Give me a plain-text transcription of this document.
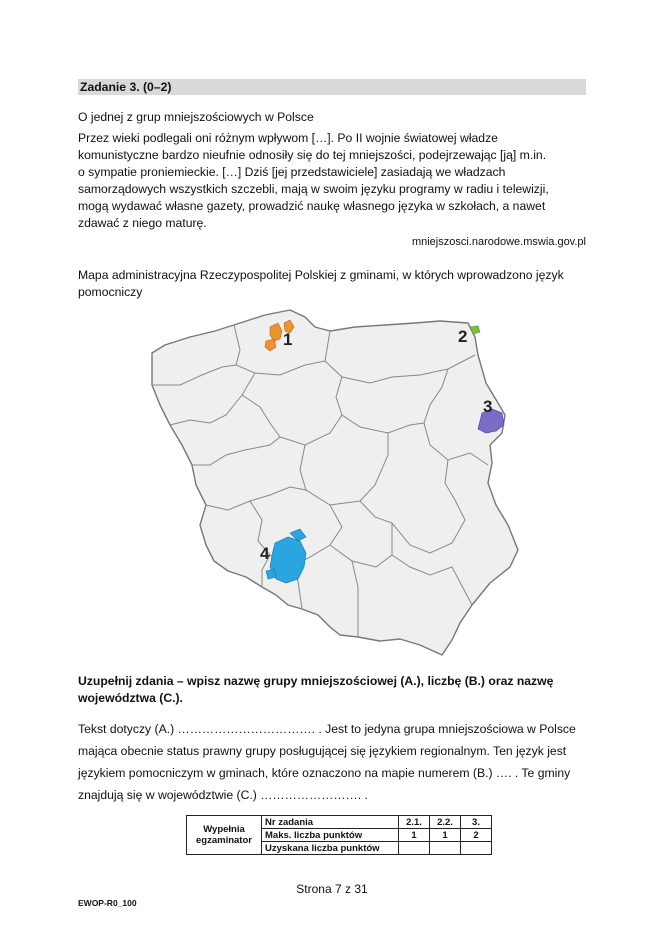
Zadanie 3. (0–2)
O jednej z grup mniejszościowych w Polsce

Przez wieki podlegali oni różnym wpływom […]. Po II wojnie światowej władze

komunistyczne bardzo nieufnie odnosiły się do tej mniejszości, podejrzewając [ją] m.in.

o sympatie proniemieckie. […] Dziś [jej przedstawiciele] zasiadają we władzach

samorządowych wszystkich szczebli, mają w swoim języku programy w radiu i telewizji,

mogą wydawać własne gazety, prowadzić naukę własnego języka w szkołach, a nawet

zdawać z niego maturę.

mniejszosci.narodowe.mswia.gov.pl

Mapa administracyjna Rzeczypospolitej Polskiej z gminami, w których wprowadzono język

pomocniczy

1	2
3
4

Uzupełnij zdania – wpisz nazwę grupy mniejszościowej (A.), liczbę (B.) oraz nazwę

województwa (C.).

Tekst dotyczy (A.) ……………………………. . Jest to jedyna grupa mniejszościowa w Polsce

mająca obecnie status prawny grupy posługującej się językiem regionalnym. Ten język jest

językiem pomocniczym w gminach, które oznaczono na mapie numerem (B.) …. . Te gminy

znajdują się w województwie (C.) ……………………. .

Wypełnia egzaminator	Nr zadania	2.1.	2.2.	3.
	Maks. liczba punktów	1	1	2
	Uzyskana liczba punktów			
Strona 7 z 31
EWOP-R0_100
